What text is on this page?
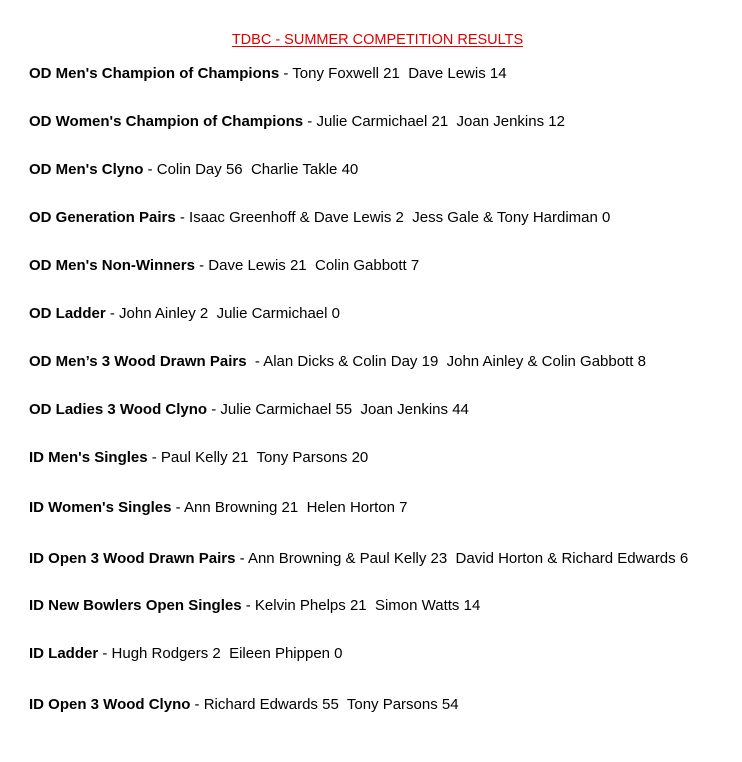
TDBC - SUMMER COMPETITION RESULTS
OD Men's Champion of Champions - Tony Foxwell 21  Dave Lewis 14
OD Women's Champion of Champions - Julie Carmichael 21  Joan Jenkins 12
OD Men's Clyno - Colin Day 56  Charlie Takle 40
OD Generation Pairs - Isaac Greenhoff & Dave Lewis 2  Jess Gale & Tony Hardiman 0
OD Men's Non-Winners - Dave Lewis 21  Colin Gabbott 7
OD Ladder - John Ainley 2  Julie Carmichael 0
OD Men’s 3 Wood Drawn Pairs  - Alan Dicks & Colin Day 19  John Ainley & Colin Gabbott 8
OD Ladies 3 Wood Clyno - Julie Carmichael 55  Joan Jenkins 44
ID Men's Singles - Paul Kelly 21  Tony Parsons 20
ID Women's Singles - Ann Browning 21  Helen Horton 7
ID Open 3 Wood Drawn Pairs - Ann Browning & Paul Kelly 23  David Horton & Richard Edwards 6
ID New Bowlers Open Singles - Kelvin Phelps 21  Simon Watts 14
ID Ladder - Hugh Rodgers 2  Eileen Phippen 0
ID Open 3 Wood Clyno - Richard Edwards 55  Tony Parsons 54
